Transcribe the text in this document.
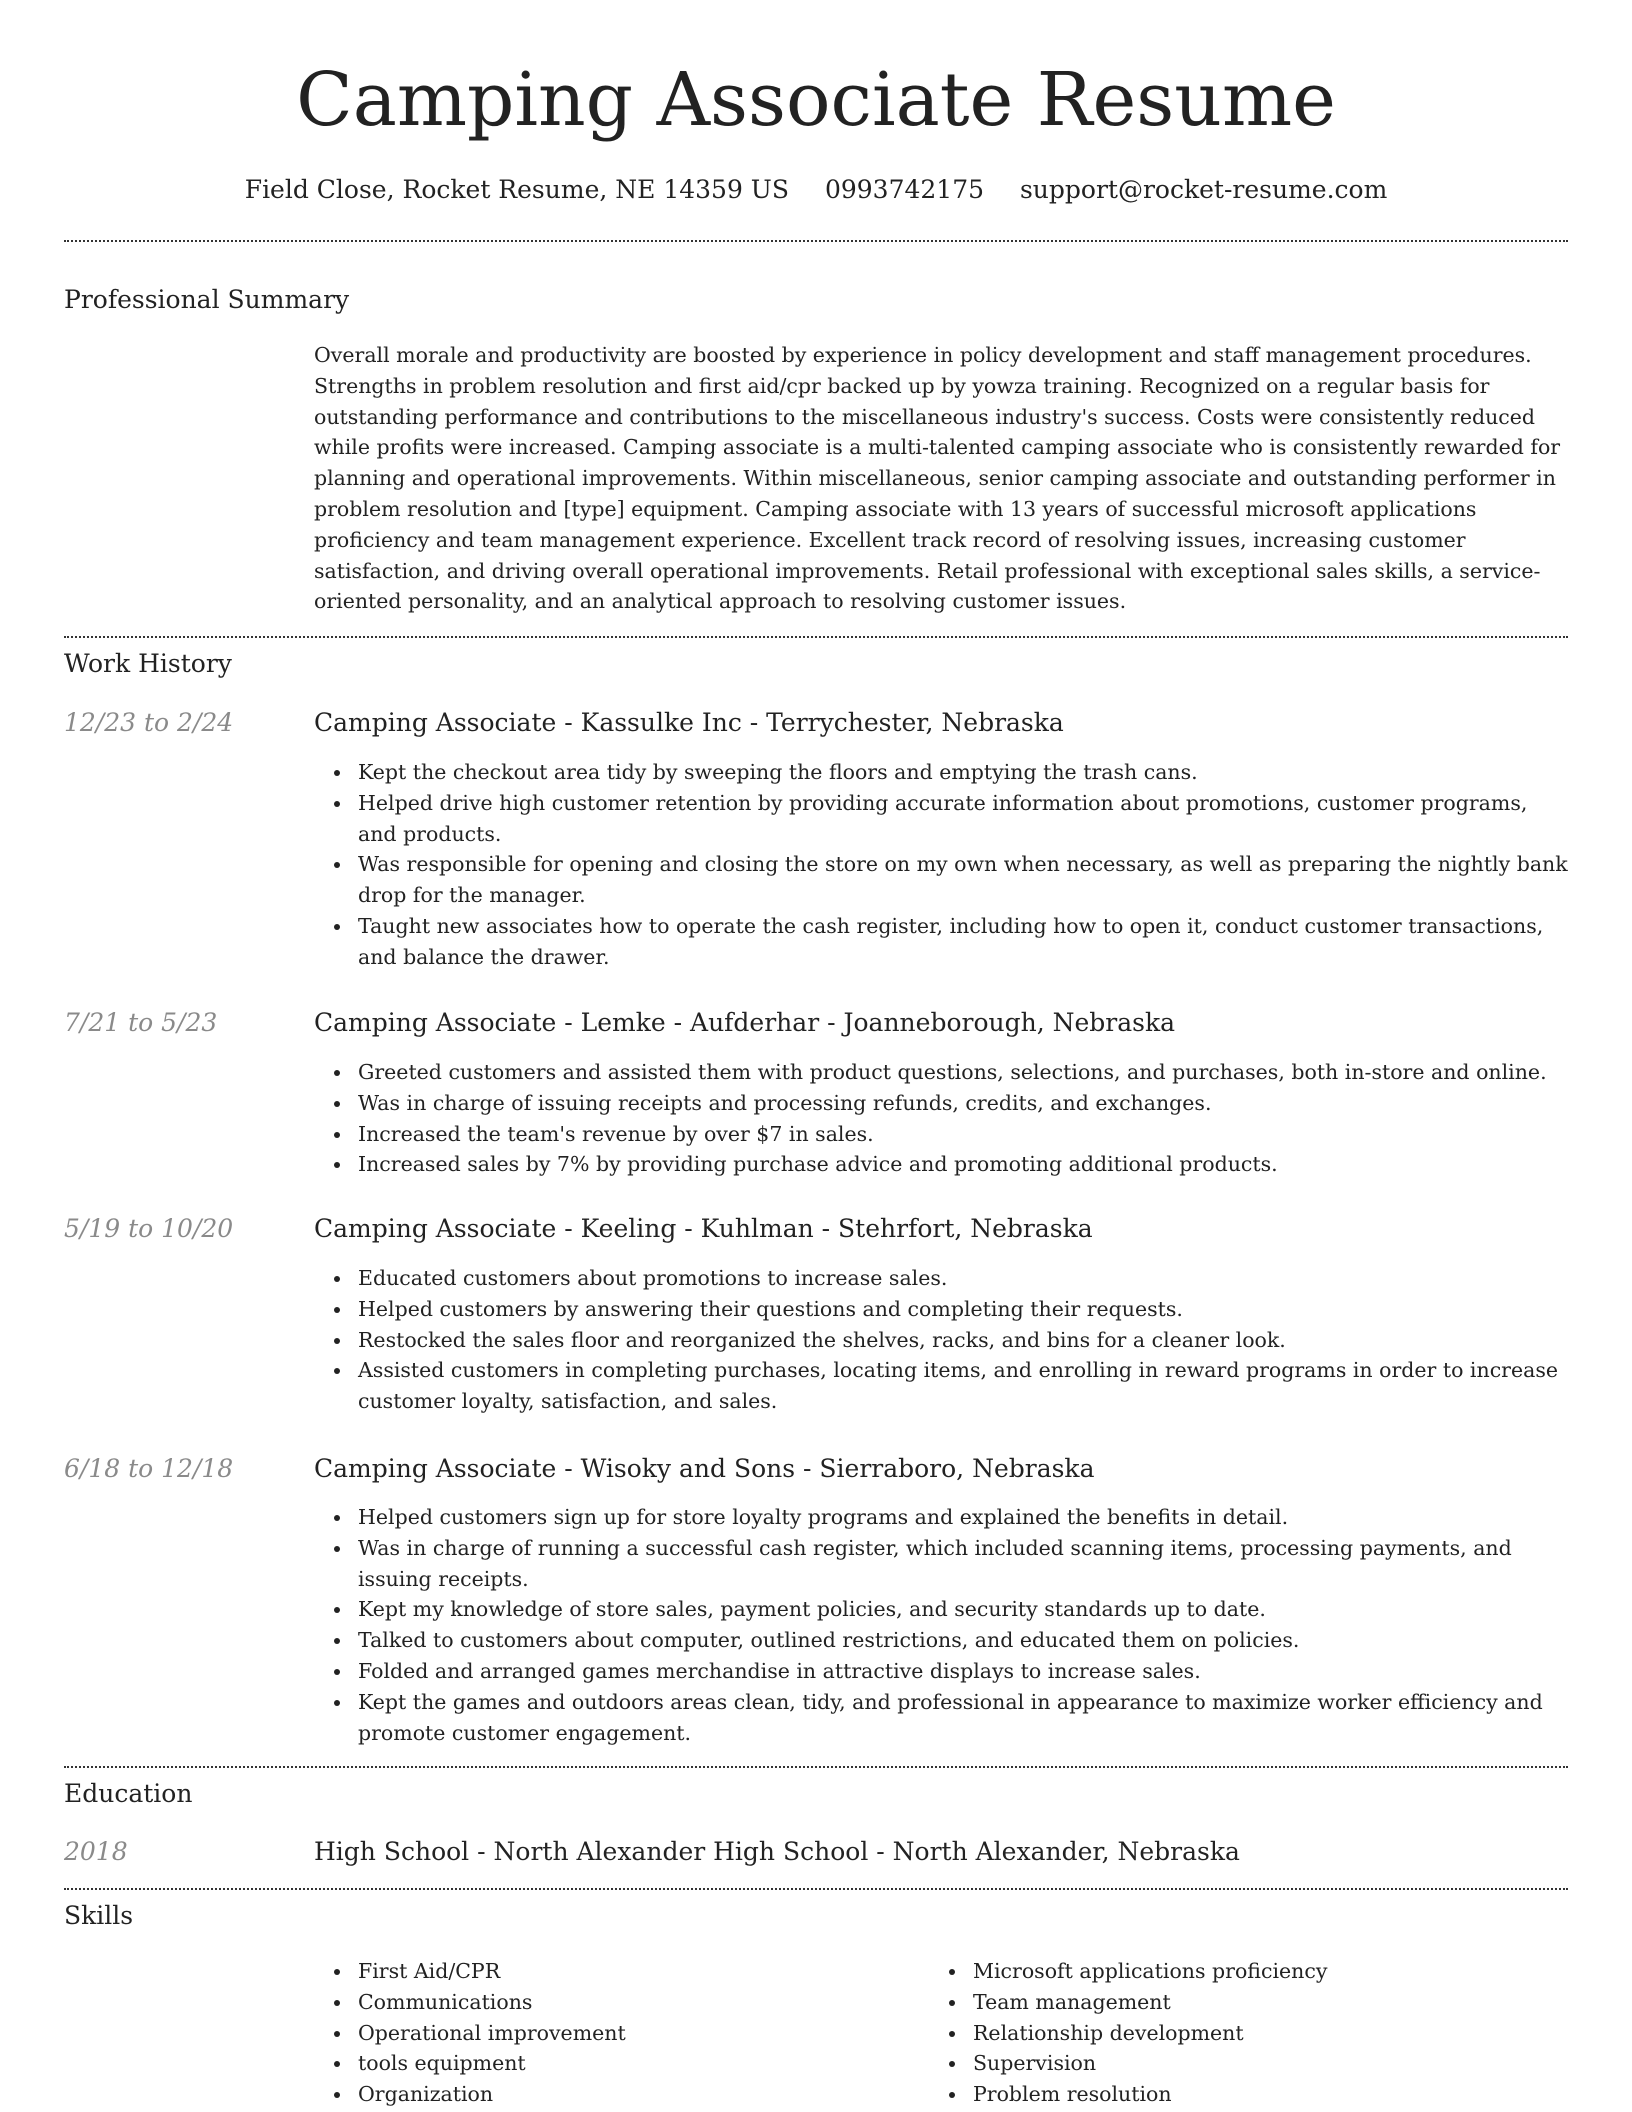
Camping Associate Resume
Field Close, Rocket Resume, NE 14359 US 0993742175 support@rocket-resume.com
Professional Summary
Overall morale and productivity are boosted by experience in policy development and staff management procedures. Strengths in problem resolution and first aid/cpr backed up by yowza training. Recognized on a regular basis for outstanding performance and contributions to the miscellaneous industry's success. Costs were consistently reduced while profits were increased. Camping associate is a multi-talented camping associate who is consistently rewarded for planning and operational improvements. Within miscellaneous, senior camping associate and outstanding performer in problem resolution and [type] equipment. Camping associate with 13 years of successful microsoft applications proficiency and team management experience. Excellent track record of resolving issues, increasing customer satisfaction, and driving overall operational improvements. Retail professional with exceptional sales skills, a service-oriented personality, and an analytical approach to resolving customer issues.
Work History
12/23 to 2/24	Camping Associate - Kassulke Inc - Terrychester, Nebraska
Kept the checkout area tidy by sweeping the floors and emptying the trash cans.
Helped drive high customer retention by providing accurate information about promotions, customer programs, and products.
Was responsible for opening and closing the store on my own when necessary, as well as preparing the nightly bank drop for the manager.
Taught new associates how to operate the cash register, including how to open it, conduct customer transactions, and balance the drawer.
7/21 to 5/23	Camping Associate - Lemke - Aufderhar - Joanneborough, Nebraska
Greeted customers and assisted them with product questions, selections, and purchases, both in-store and online.
Was in charge of issuing receipts and processing refunds, credits, and exchanges.
Increased the team's revenue by over $7 in sales.
Increased sales by 7% by providing purchase advice and promoting additional products.
5/19 to 10/20	Camping Associate - Keeling - Kuhlman - Stehrfort, Nebraska
Educated customers about promotions to increase sales.
Helped customers by answering their questions and completing their requests.
Restocked the sales floor and reorganized the shelves, racks, and bins for a cleaner look.
Assisted customers in completing purchases, locating items, and enrolling in reward programs in order to increase customer loyalty, satisfaction, and sales.
6/18 to 12/18	Camping Associate - Wisoky and Sons - Sierraboro, Nebraska
Helped customers sign up for store loyalty programs and explained the benefits in detail.
Was in charge of running a successful cash register, which included scanning items, processing payments, and issuing receipts.
Kept my knowledge of store sales, payment policies, and security standards up to date.
Talked to customers about computer, outlined restrictions, and educated them on policies.
Folded and arranged games merchandise in attractive displays to increase sales.
Kept the games and outdoors areas clean, tidy, and professional in appearance to maximize worker efficiency and promote customer engagement.
Education
2018	High School - North Alexander High School - North Alexander, Nebraska
Skills
First Aid/CPR
Communications
Operational improvement
tools equipment
Organization
Microsoft applications proficiency
Team management
Relationship development
Supervision
Problem resolution
